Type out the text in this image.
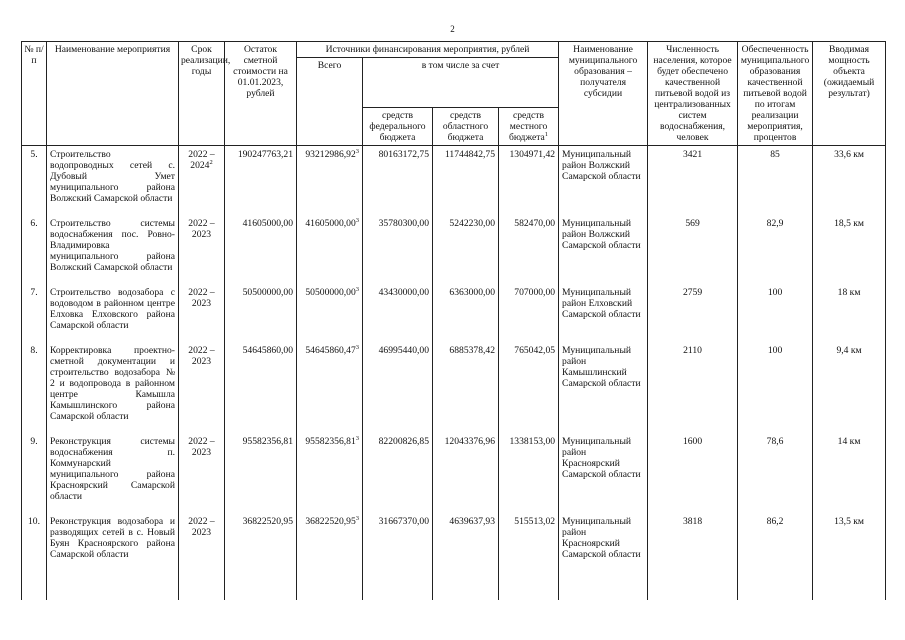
2
№ п/п	Наименование мероприятия	Срок реализации, годы	Остаток сметной стоимости на 01.01.2023, рублей	Источники финансирования мероприятия, рублей				Наименование муниципального образования – получателя субсидии	Численность населения, которое будет обеспечено качественной питьевой водой из централизованных систем водоснабжения, человек	Обеспеченность муниципального образования качественной питьевой водой по итогам реализации мероприятия, процентов	Вводимая мощность объекта (ожидаемый результат)
				Всего	в том числе за счет						
					средств федерального бюджета	средств областного бюджета	средств местного бюджета$^1$
5.	Строительство водопроводных сетей с. Дубовый Умет муниципального района Волжский Самарской области	2022 – 2024$^2$	190247763,21	93212986,92$^3$	80163172,75	11744842,75	1304971,42	Муниципальный район Волжский Самарской области	3421	85	33,6 км
6.	Строительство системы водоснабжения пос. Ровно-Владимировка муниципального района Волжский Самарской области	2022 – 2023	41605000,00	41605000,00$^3$	35780300,00	5242230,00	582470,00	Муниципальный район Волжский Самарской области	569	82,9	18,5 км
7.	Строительство водозабора с водоводом в районном центре Елховка Елховского района Самарской области	2022 – 2023	50500000,00	50500000,00$^3$	43430000,00	6363000,00	707000,00	Муниципальный район Елховский Самарской области	2759	100	18 км
8.	Корректировка проектно-сметной документации и строительство водозабора № 2 и водопровода в районном центре Камышла Камышлинского района Самарской области	2022 – 2023	54645860,00	54645860,47$^3$	46995440,00	6885378,42	765042,05	Муниципальный район Камышлинский Самарской области	2110	100	9,4 км
9.	Реконструкция системы водоснабжения п. Коммунарский муниципального района Красноярский Самарской области	2022 – 2023	95582356,81	95582356,81$^3$	82200826,85	12043376,96	1338153,00	Муниципальный район Красноярский Самарской области	1600	78,6	14 км
10.	Реконструкция водозабора и разводящих сетей в с. Новый Буян Красноярского района Самарской области	2022 – 2023	36822520,95	36822520,95$^3$	31667370,00	4639637,93	515513,02	Муниципальный район Красноярский Самарской области	3818	86,2	13,5 км
